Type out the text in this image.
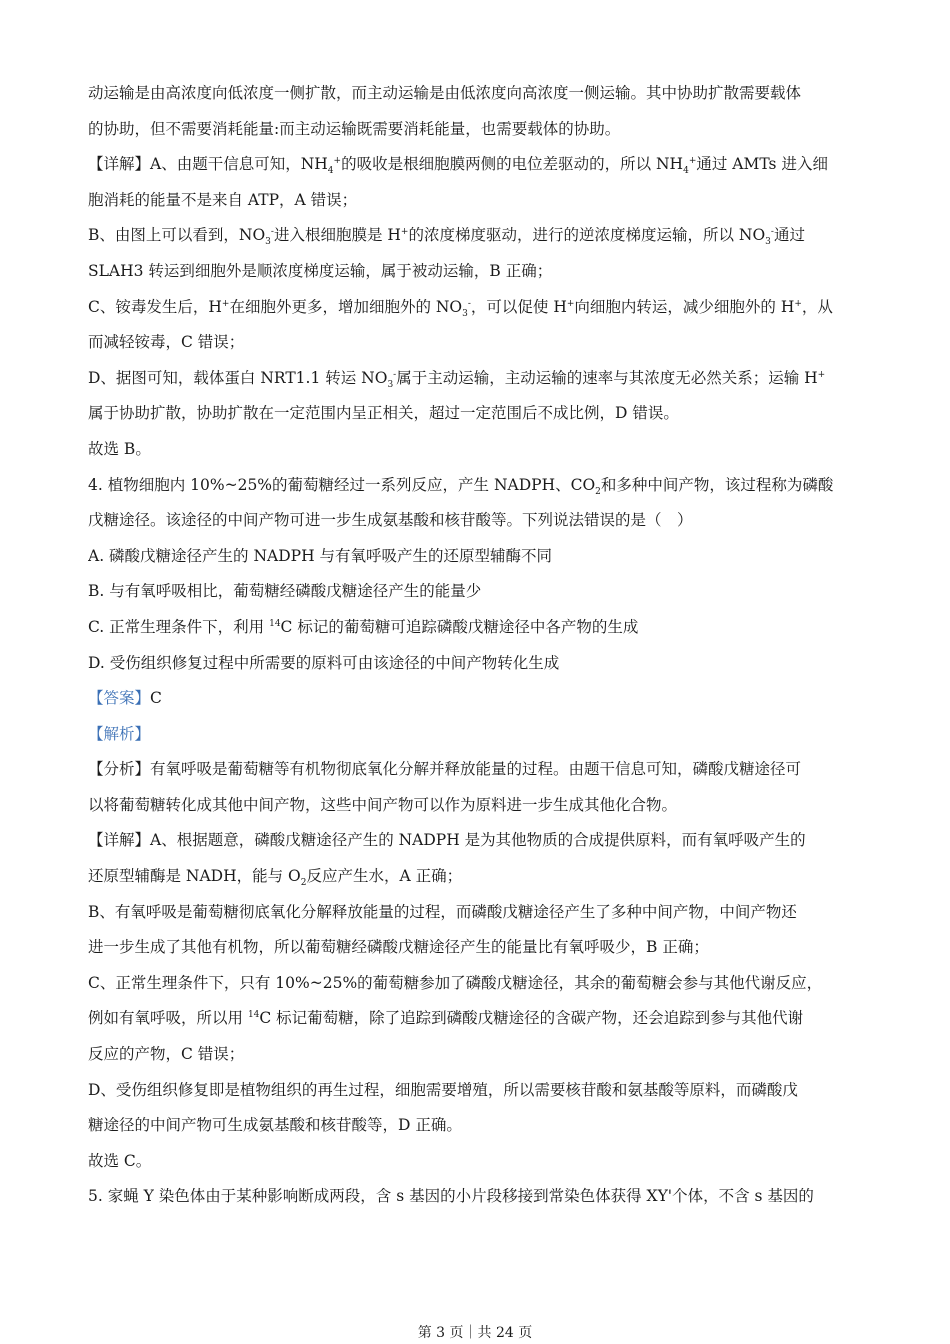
动运输是由高浓度向低浓度一侧扩散，而主动运输是由低浓度向高浓度一侧运输。其中协助扩散需要载体
的协助，但不需要消耗能量:而主动运输既需要消耗能量，也需要载体的协助。
【详解】A、由题干信息可知，$NH_4^+$的吸收是根细胞膜两侧的电位差驱动的，所以 $NH_4^+$通过 AMTs 进入细
胞消耗的能量不是来自 ATP，A 错误；
B、由图上可以看到，$NO_3^-$进入根细胞膜是 H+的浓度梯度驱动，进行的逆浓度梯度运输，所以 $NO_3^-$通过
SLAH3 转运到细胞外是顺浓度梯度运输，属于被动运输，B 正确；
C、铵毒发生后，H+在细胞外更多，增加细胞外的 $NO_3^-$，可以促使 H+向细胞内转运，减少细胞外的 H+，从
而减轻铵毒，C 错误；
D、据图可知，载体蛋白 NRT1.1 转运 $NO_3^-$属于主动运输，主动运输的速率与其浓度无必然关系；运输 H+
属于协助扩散，协助扩散在一定范围内呈正相关，超过一定范围后不成比例，D 错误。
故选 B。
4. 植物细胞内 10%~25%的葡萄糖经过一系列反应，产生 NADPH、$CO_2$和多种中间产物，该过程称为磷酸
戊糖途径。该途径的中间产物可进一步生成氨基酸和核苷酸等。下列说法错误的是（　）
A. 磷酸戊糖途径产生的 NADPH 与有氧呼吸产生的还原型辅酶不同
B. 与有氧呼吸相比，葡萄糖经磷酸戊糖途径产生的能量少
C. 正常生理条件下，利用 $^{14}$C 标记的葡萄糖可追踪磷酸戊糖途径中各产物的生成
D. 受伤组织修复过程中所需要的原料可由该途径的中间产物转化生成
【答案】C
【解析】
【分析】有氧呼吸是葡萄糖等有机物彻底氧化分解并释放能量的过程。由题干信息可知，磷酸戊糖途径可
以将葡萄糖转化成其他中间产物，这些中间产物可以作为原料进一步生成其他化合物。
【详解】A、根据题意，磷酸戊糖途径产生的 NADPH 是为其他物质的合成提供原料，而有氧呼吸产生的
还原型辅酶是 NADH，能与 $O_2$反应产生水，A 正确；
B、有氧呼吸是葡萄糖彻底氧化分解释放能量的过程，而磷酸戊糖途径产生了多种中间产物，中间产物还
进一步生成了其他有机物，所以葡萄糖经磷酸戊糖途径产生的能量比有氧呼吸少，B 正确；
C、正常生理条件下，只有 10%~25%的葡萄糖参加了磷酸戊糖途径，其余的葡萄糖会参与其他代谢反应，
例如有氧呼吸，所以用 $^{14}$C 标记葡萄糖，除了追踪到磷酸戊糖途径的含碳产物，还会追踪到参与其他代谢
反应的产物，C 错误；
D、受伤组织修复即是植物组织的再生过程，细胞需要增殖，所以需要核苷酸和氨基酸等原料，而磷酸戊
糖途径的中间产物可生成氨基酸和核苷酸等，D 正确。
故选 C。
5. 家蝇 Y 染色体由于某种影响断成两段，含 s 基因的小片段移接到常染色体获得 XY'个体，不含 s 基因的
第 3 页｜共 24 页
